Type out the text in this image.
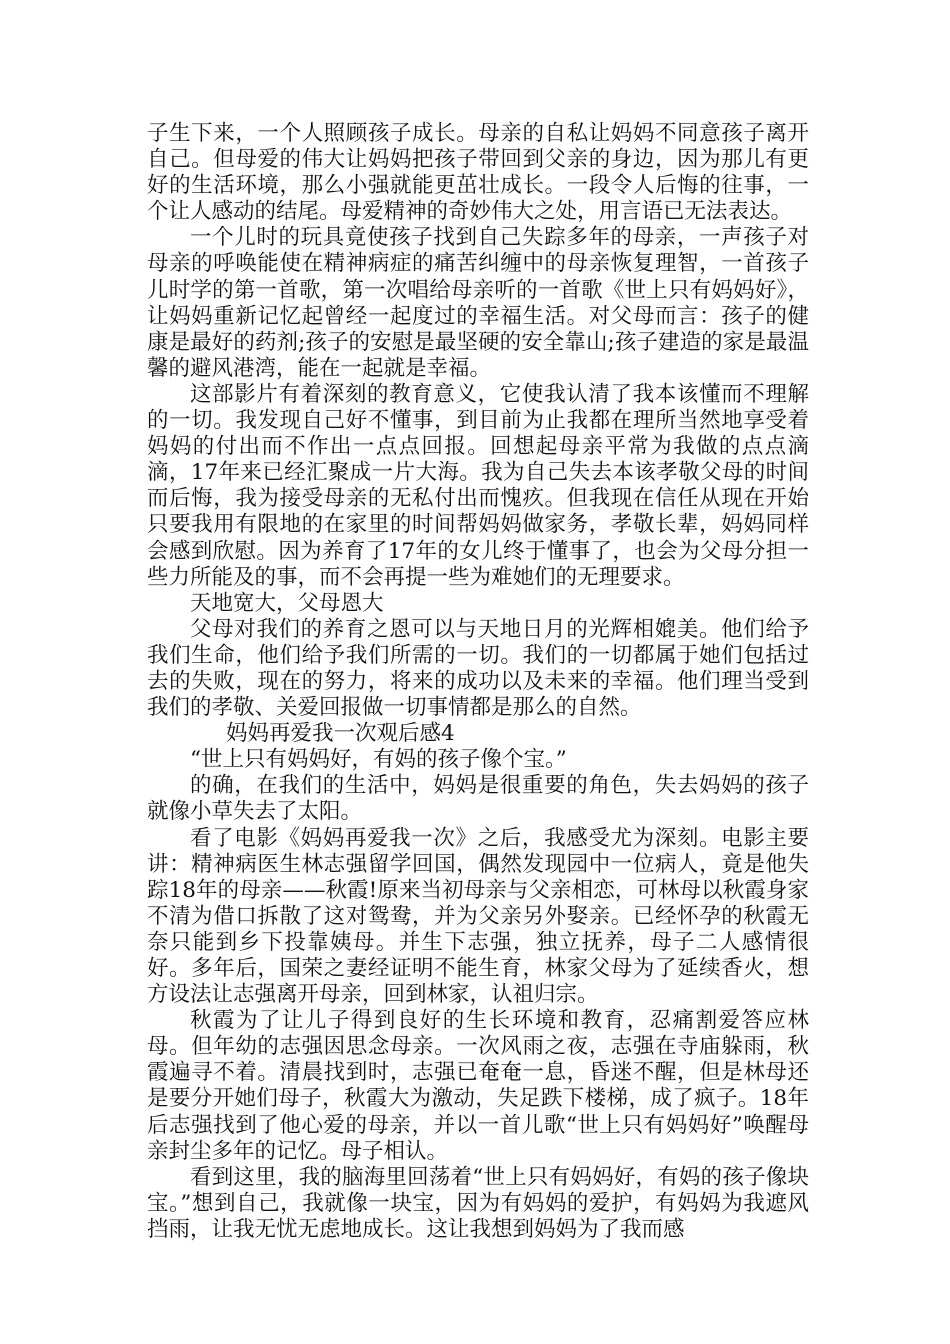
子生下来，一个人照顾孩子成长。母亲的自私让妈妈不同意孩子离开自己。但母爱的伟大让妈妈把孩子带回到父亲的身边，因为那儿有更好的生活环境，那么小强就能更茁壮成长。一段令人后悔的往事，一个让人感动的结尾。母爱精神的奇妙伟大之处，用言语已无法表达。

一个儿时的玩具竟使孩子找到自己失踪多年的母亲，一声孩子对母亲的呼唤能使在精神病症的痛苦纠缠中的母亲恢复理智，一首孩子儿时学的第一首歌，第一次唱给母亲听的一首歌《世上只有妈妈好》，让妈妈重新记忆起曾经一起度过的幸福生活。对父母而言：孩子的健康是最好的药剂;孩子的安慰是最坚硬的安全靠山;孩子建造的家是最温馨的避风港湾，能在一起就是幸福。

这部影片有着深刻的教育意义，它使我认清了我本该懂而不理解的一切。我发现自己好不懂事，到目前为止我都在理所当然地享受着妈妈的付出而不作出一点点回报。回想起母亲平常为我做的点点滴滴，17年来已经汇聚成一片大海。我为自己失去本该孝敬父母的时间而后悔，我为接受母亲的无私付出而愧疚。但我现在信任从现在开始只要我用有限地的在家里的时间帮妈妈做家务，孝敬长辈，妈妈同样会感到欣慰。因为养育了17年的女儿终于懂事了，也会为父母分担一些力所能及的事，而不会再提一些为难她们的无理要求。

天地宽大，父母恩大

父母对我们的养育之恩可以与天地日月的光辉相媲美。他们给予我们生命，他们给予我们所需的一切。我们的一切都属于她们包括过去的失败，现在的努力，将来的成功以及未来的幸福。他们理当受到我们的孝敬、关爱回报做一切事情都是那么的自然。

妈妈再爱我一次观后感4

“世上只有妈妈好，有妈的孩子像个宝。”

的确，在我们的生活中，妈妈是很重要的角色，失去妈妈的孩子就像小草失去了太阳。

看了电影《妈妈再爱我一次》之后，我感受尤为深刻。电影主要讲：精神病医生林志强留学回国，偶然发现园中一位病人，竟是他失踪18年的母亲——秋霞!原来当初母亲与父亲相恋，可林母以秋霞身家不清为借口拆散了这对鸳鸯，并为父亲另外娶亲。已经怀孕的秋霞无奈只能到乡下投靠姨母。并生下志强，独立抚养，母子二人感情很好。多年后，国荣之妻经证明不能生育，林家父母为了延续香火，想方设法让志强离开母亲，回到林家，认祖归宗。

秋霞为了让儿子得到良好的生长环境和教育，忍痛割爱答应林母。但年幼的志强因思念母亲。一次风雨之夜，志强在寺庙躲雨，秋霞遍寻不着。清晨找到时，志强已奄奄一息，昏迷不醒，但是林母还是要分开她们母子，秋霞大为激动，失足跌下楼梯，成了疯子。18年后志强找到了他心爱的母亲，并以一首儿歌“世上只有妈妈好”唤醒母亲封尘多年的记忆。母子相认。

看到这里，我的脑海里回荡着“世上只有妈妈好，有妈的孩子像块宝。”想到自己，我就像一块宝，因为有妈妈的爱护，有妈妈为我遮风挡雨，让我无忧无虑地成长。这让我想到妈妈为了我而感
